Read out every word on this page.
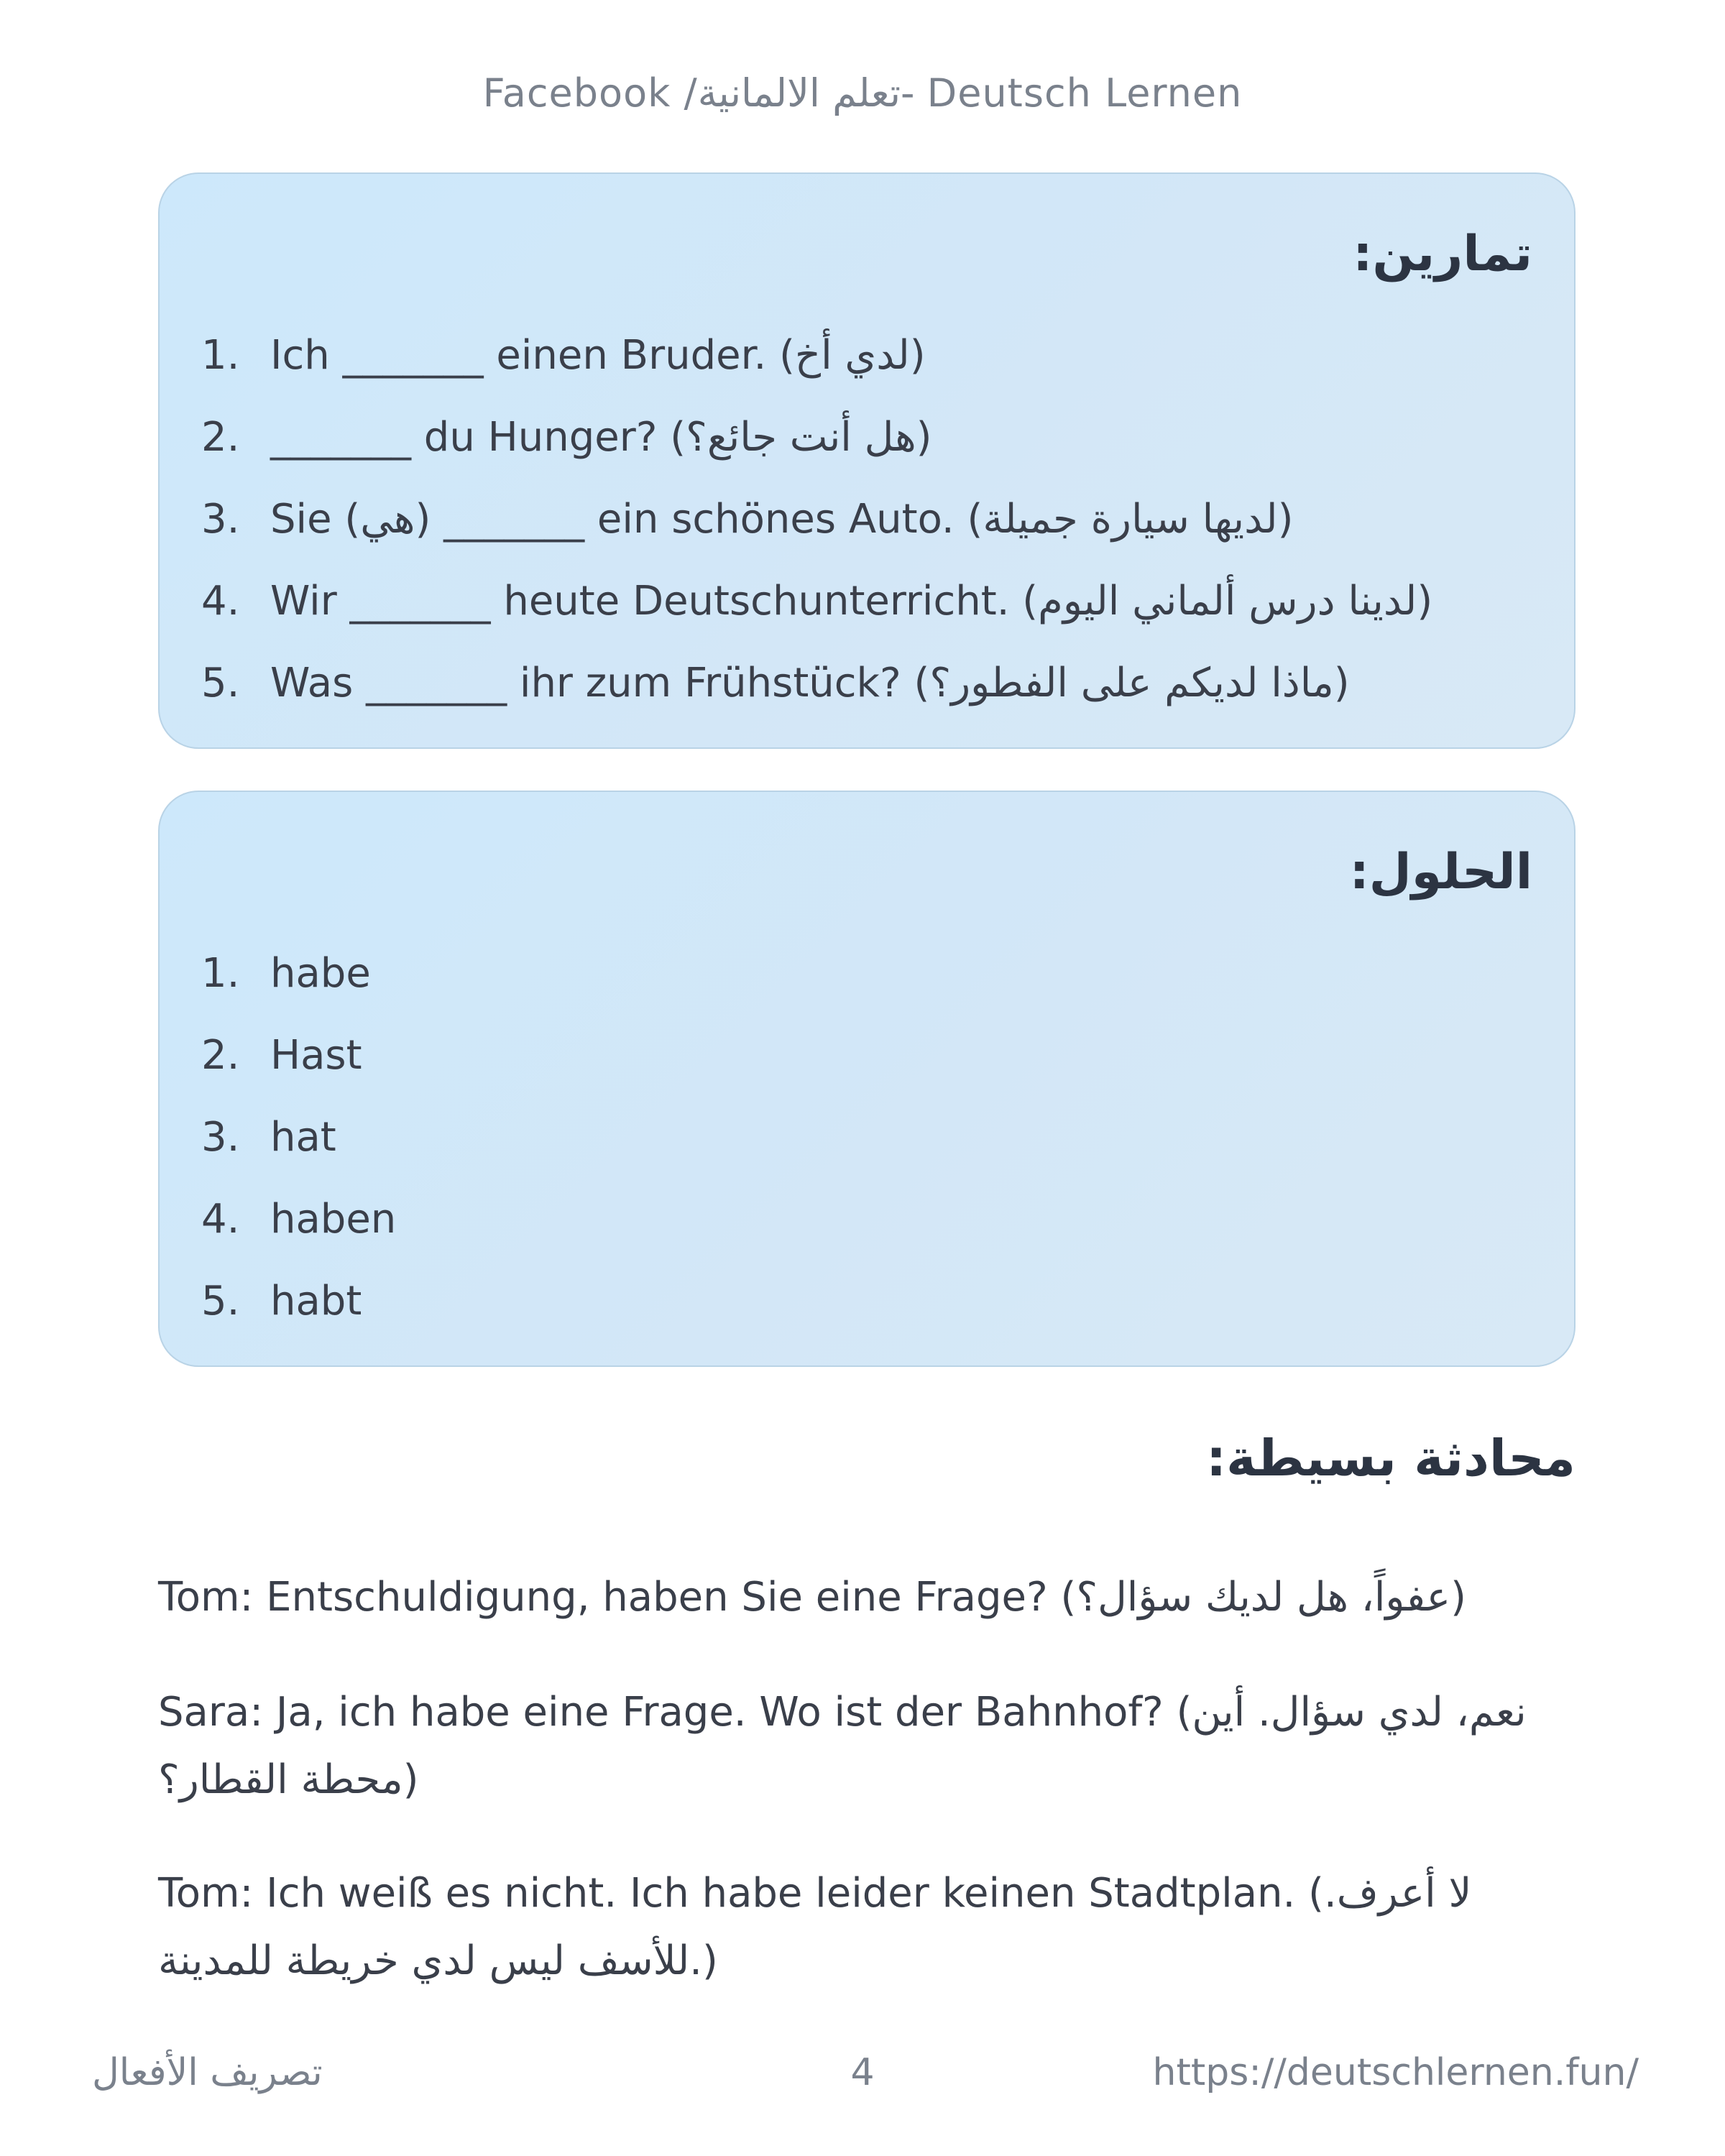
Facebook /تعلم الالمانية- Deutsch Lernen
تمارين:
1. Ich _______ einen Bruder. (لدي أخ)
2. _______ du Hunger? (هل أنت جائع؟)
3. Sie (هي) _______ ein schönes Auto. (لديها سيارة جميلة)
4. Wir _______ heute Deutschunterricht. (لدينا درس ألماني اليوم)
5. Was _______ ihr zum Frühstück? (ماذا لديكم على الفطور؟)
الحلول:
1. habe
2. Hast
3. hat
4. haben
5. habt
محادثة بسيطة:
Tom: Entschuldigung, haben Sie eine Frage? (عفواً، هل لديك سؤال؟)
Sara: Ja, ich habe eine Frage. Wo ist der Bahnhof? (نعم، لدي سؤال. أين محطة القطار؟)
Tom: Ich weiß es nicht. Ich habe leider keinen Stadtplan. (لا أعرف. للأسف ليس لدي خريطة للمدينة.)
تصريف الأفعال	4	https://deutschlernen.fun/
